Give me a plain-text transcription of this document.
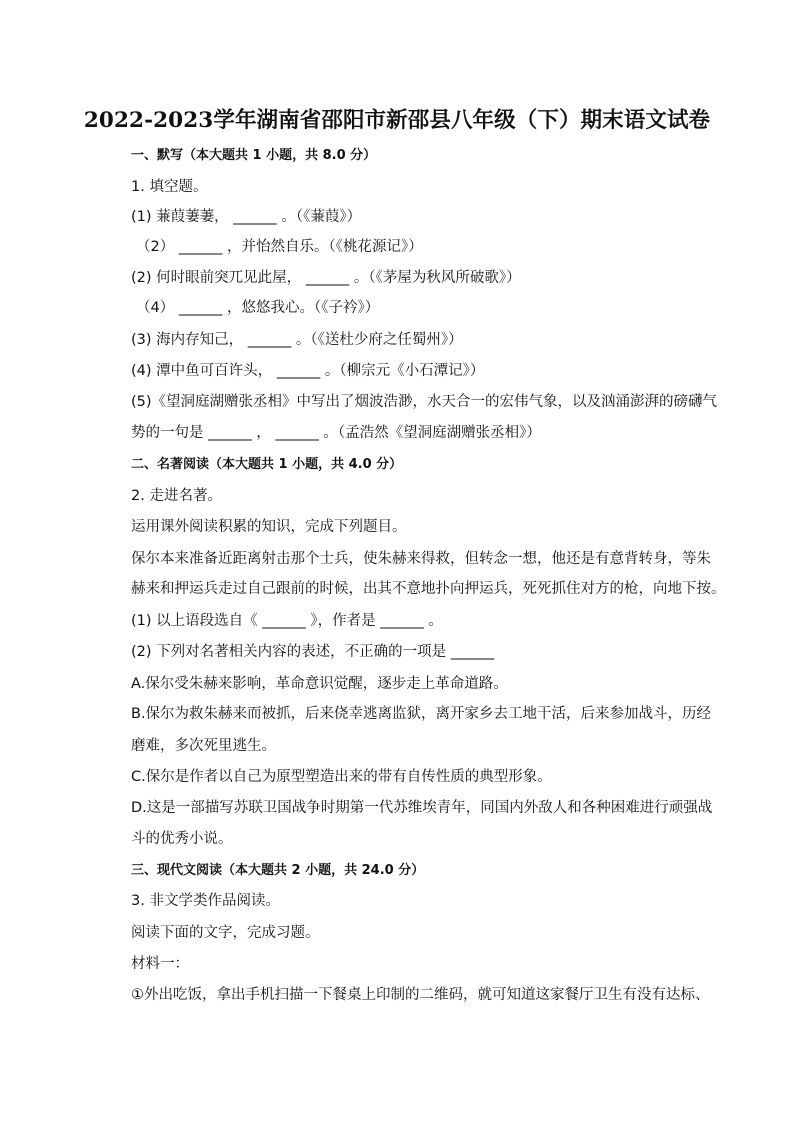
2022-2023学年湖南省邵阳市新邵县八年级（下）期末语文试卷
一、默写（本大题共 1 小题，共 8.0 分）
1. 填空题。
(1) 蒹葭萋萋， ______ 。（《蒹葭》）
（2） ______ ，并怡然自乐。（《桃花源记》）
(2) 何时眼前突兀见此屋， ______ 。（《茅屋为秋风所破歌》）
（4） ______ ，悠悠我心。（《子衿》）
(3) 海内存知己， ______ 。（《送杜少府之任蜀州》）
(4) 潭中鱼可百许头， ______ 。（柳宗元《小石潭记》）
(5)《望洞庭湖赠张丞相》中写出了烟波浩渺，水天合一的宏伟气象，以及汹涌澎湃的磅礴气
势的一句是 ______ ， ______ 。（孟浩然《望洞庭湖赠张丞相》）
二、名著阅读（本大题共 1 小题，共 4.0 分）
2. 走进名著。
运用课外阅读积累的知识，完成下列题目。
保尔本来准备近距离射击那个士兵，使朱赫来得救，但转念一想，他还是有意背转身，等朱
赫来和押运兵走过自己跟前的时候，出其不意地扑向押运兵，死死抓住对方的枪，向地下按。
(1) 以上语段选自《 ______ 》，作者是 ______ 。
(2) 下列对名著相关内容的表述，不正确的一项是 ______
A.保尔受朱赫来影响，革命意识觉醒，逐步走上革命道路。
B.保尔为救朱赫来而被抓，后来侥幸逃离监狱，离开家乡去工地干活，后来参加战斗，历经
磨难，多次死里逃生。
C.保尔是作者以自己为原型塑造出来的带有自传性质的典型形象。
D.这是一部描写苏联卫国战争时期第一代苏维埃青年，同国内外敌人和各种困难进行顽强战
斗的优秀小说。
三、现代文阅读（本大题共 2 小题，共 24.0 分）
3. 非文学类作品阅读。
阅读下面的文字，完成习题。
材料一：
①外出吃饭，拿出手机扫描一下餐桌上印制的二维码，就可知道这家餐厅卫生有没有达标、
